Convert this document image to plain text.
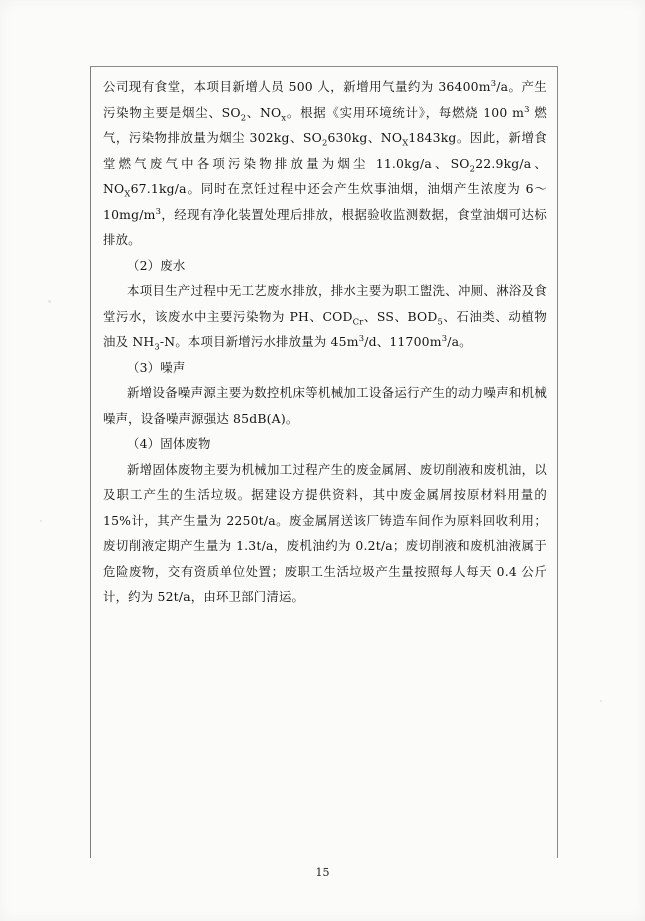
公司现有食堂，本项目新增人员 500 人，新增用气量约为 $36400m^3/a$。产生污染物主要是烟尘、$SO_2$、$NO_x$。根据《实用环境统计》，每燃烧 100 $m^3$ 燃气，污染物排放量为烟尘 302kg、$SO_2630kg$、$NO_X1843kg$。因此，新增食堂燃气废气中各项污染物排放量为烟尘 11.0kg/a、$SO_222.9kg/a$、$NO_X67.1kg/a$。同时在烹饪过程中还会产生炊事油烟，油烟产生浓度为 $6\sim 10mg/m^3$，经现有净化装置处理后排放，根据验收监测数据，食堂油烟可达标排放。

（2）废水

本项目生产过程中无工艺废水排放，排水主要为职工盥洗、冲厕、淋浴及食堂污水，该废水中主要污染物为 PH、$COD_{Cr}$、SS、$BOD_5$、石油类、动植物油及 $NH_3-N$。本项目新增污水排放量为 $45m^3/d$、$11700m^3/a$。

（3）噪声

新增设备噪声源主要为数控机床等机械加工设备运行产生的动力噪声和机械噪声，设备噪声源强达 85dB(A)。

（4）固体废物

新增固体废物主要为机械加工过程产生的废金属屑、废切削液和废机油，以及职工产生的生活垃圾。据建设方提供资料，其中废金属屑按原材料用量的 15%计，其产生量为 2250t/a。废金属屑送该厂铸造车间作为原料回收利用；废切削液定期产生量为 1.3t/a，废机油约为 0.2t/a；废切削液和废机油液属于危险废物，交有资质单位处置；废职工生活垃圾产生量按照每人每天 0.4 公斤计，约为 52t/a，由环卫部门清运。

15
